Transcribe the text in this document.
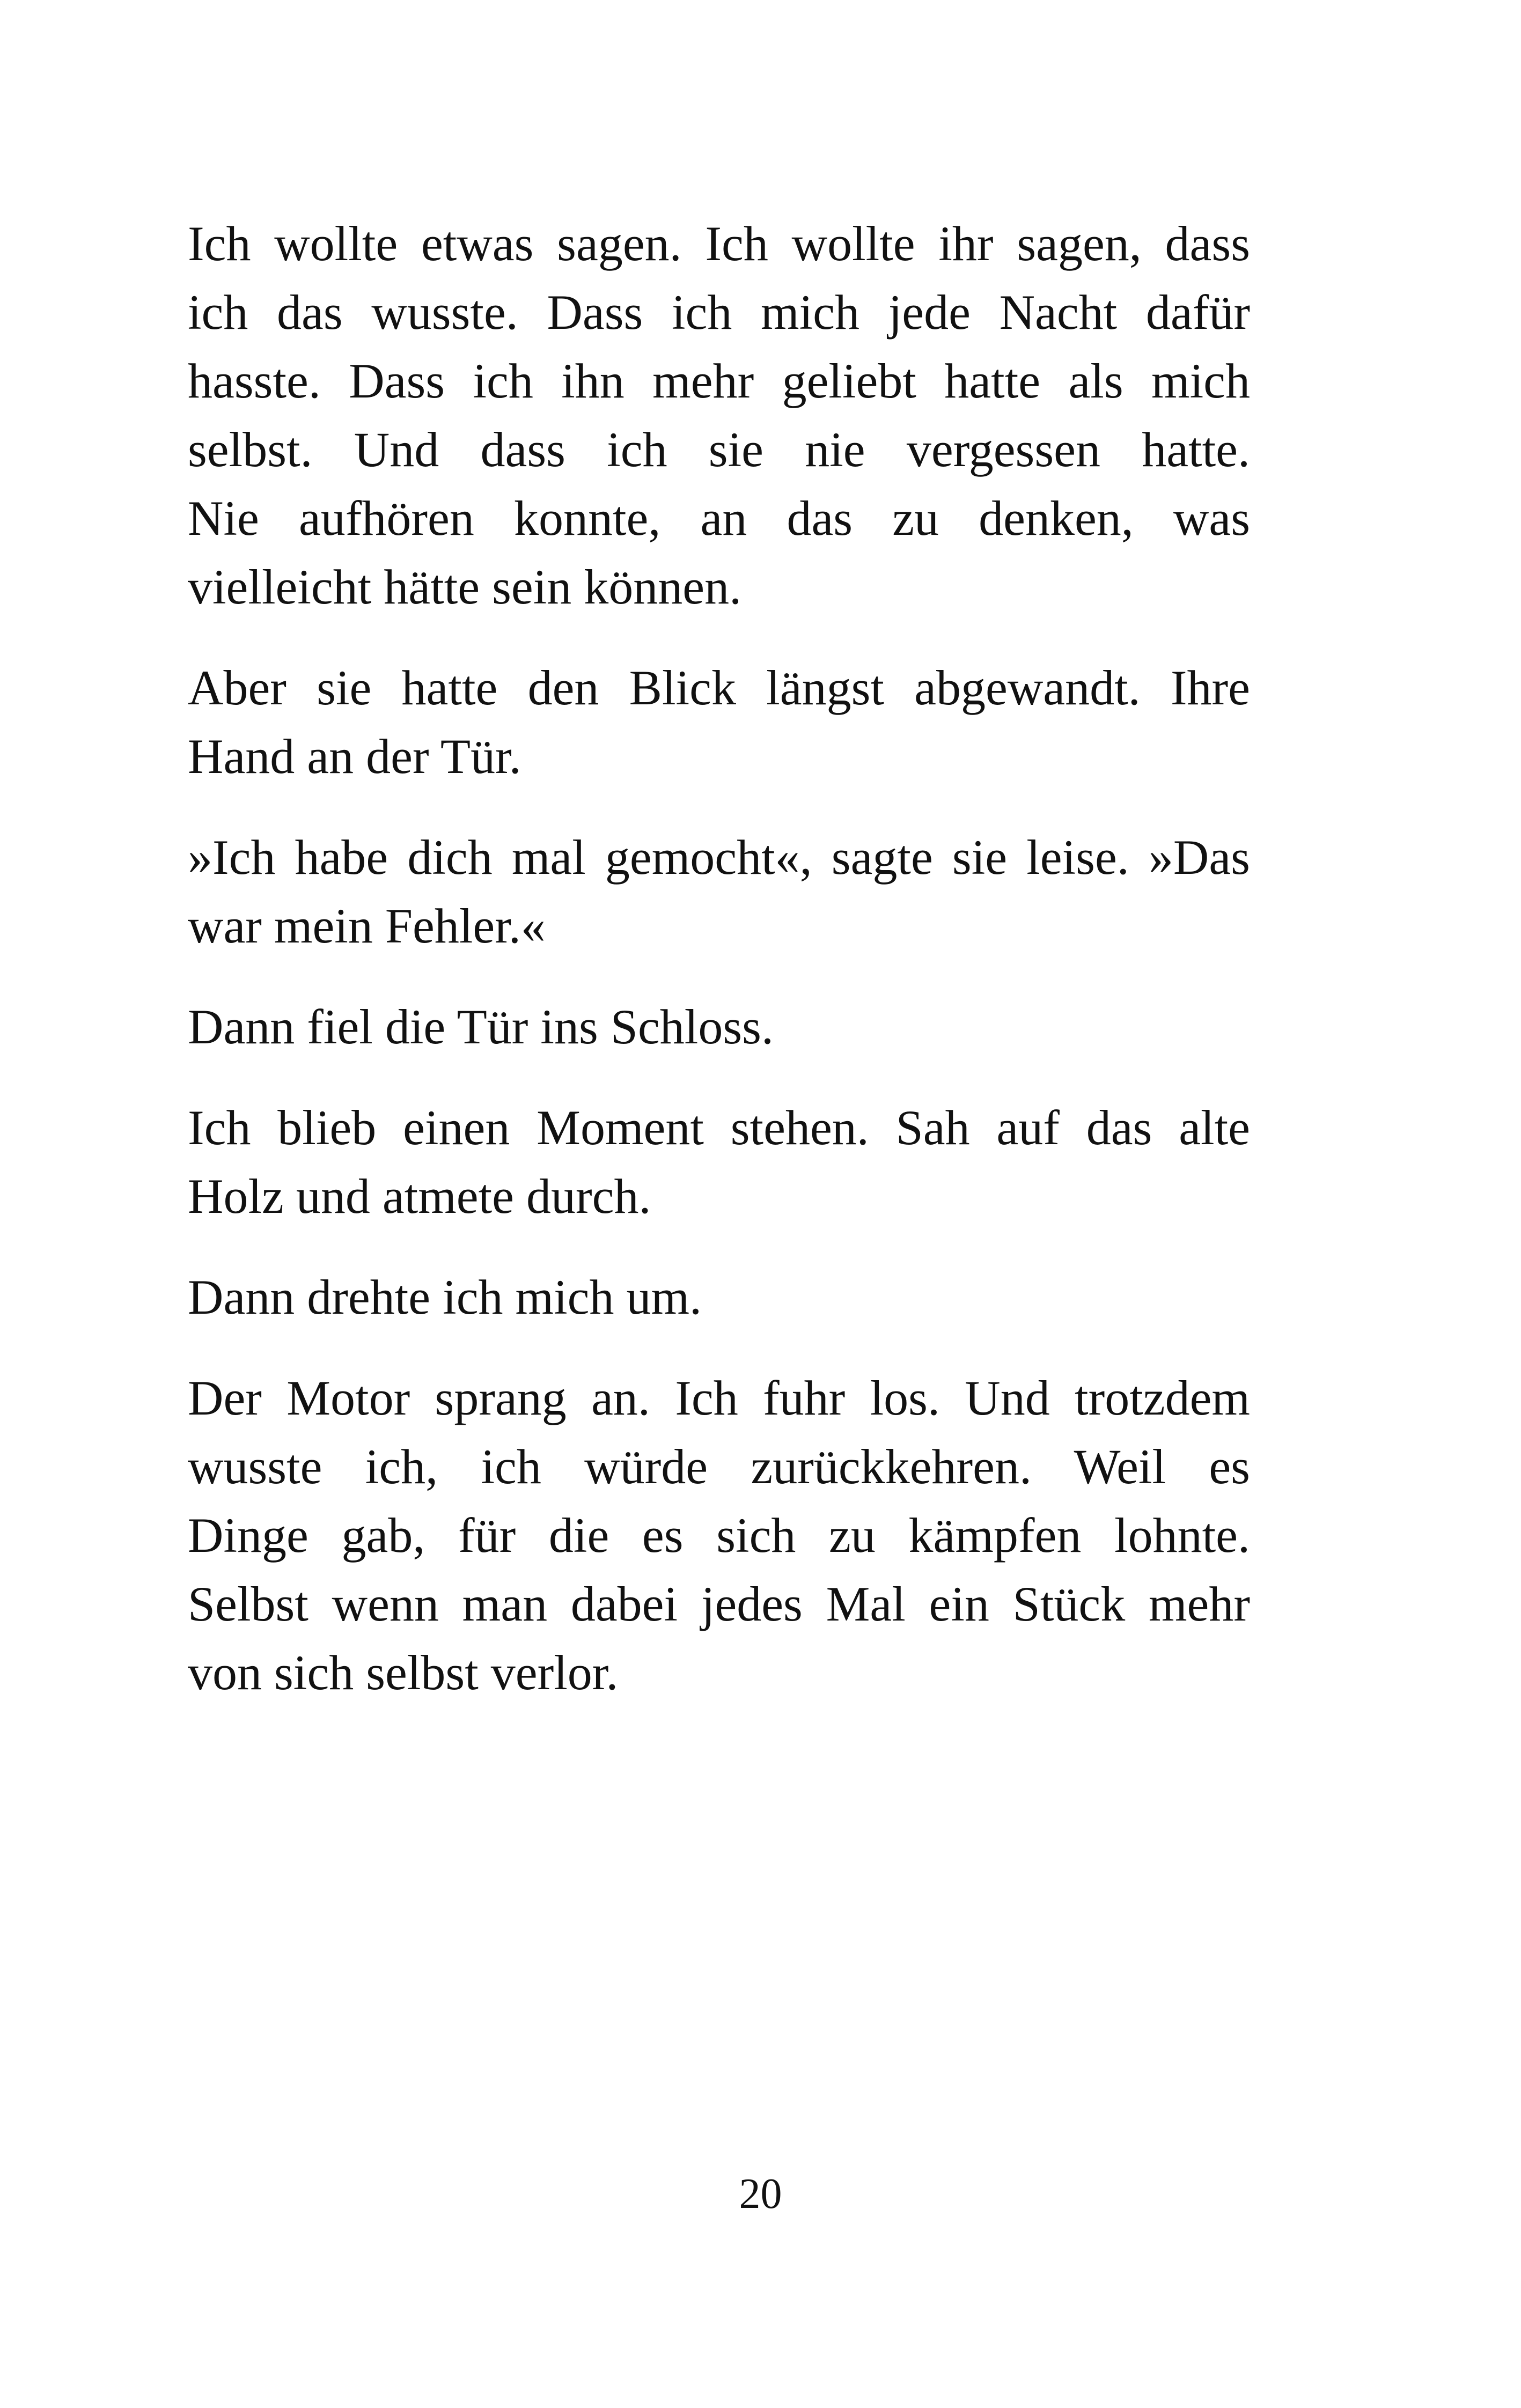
Ich wollte etwas sagen. Ich wollte ihr sagen, dass
ich das wusste. Dass ich mich jede Nacht dafür
hasste. Dass ich ihn mehr geliebt hatte als mich
selbst. Und dass ich sie nie vergessen hatte.
Nie aufhören konnte, an das zu denken, was
vielleicht hätte sein können.

Aber sie hatte den Blick längst abgewandt. Ihre
Hand an der Tür.

»Ich habe dich mal gemocht«, sagte sie leise. »Das
war mein Fehler.«

Dann fiel die Tür ins Schloss.

Ich blieb einen Moment stehen. Sah auf das alte
Holz und atmete durch.

Dann drehte ich mich um.

Der Motor sprang an. Ich fuhr los. Und trotzdem
wusste ich, ich würde zurückkehren. Weil es
Dinge gab, für die es sich zu kämpfen lohnte.
Selbst wenn man dabei jedes Mal ein Stück mehr
von sich selbst verlor.

20
